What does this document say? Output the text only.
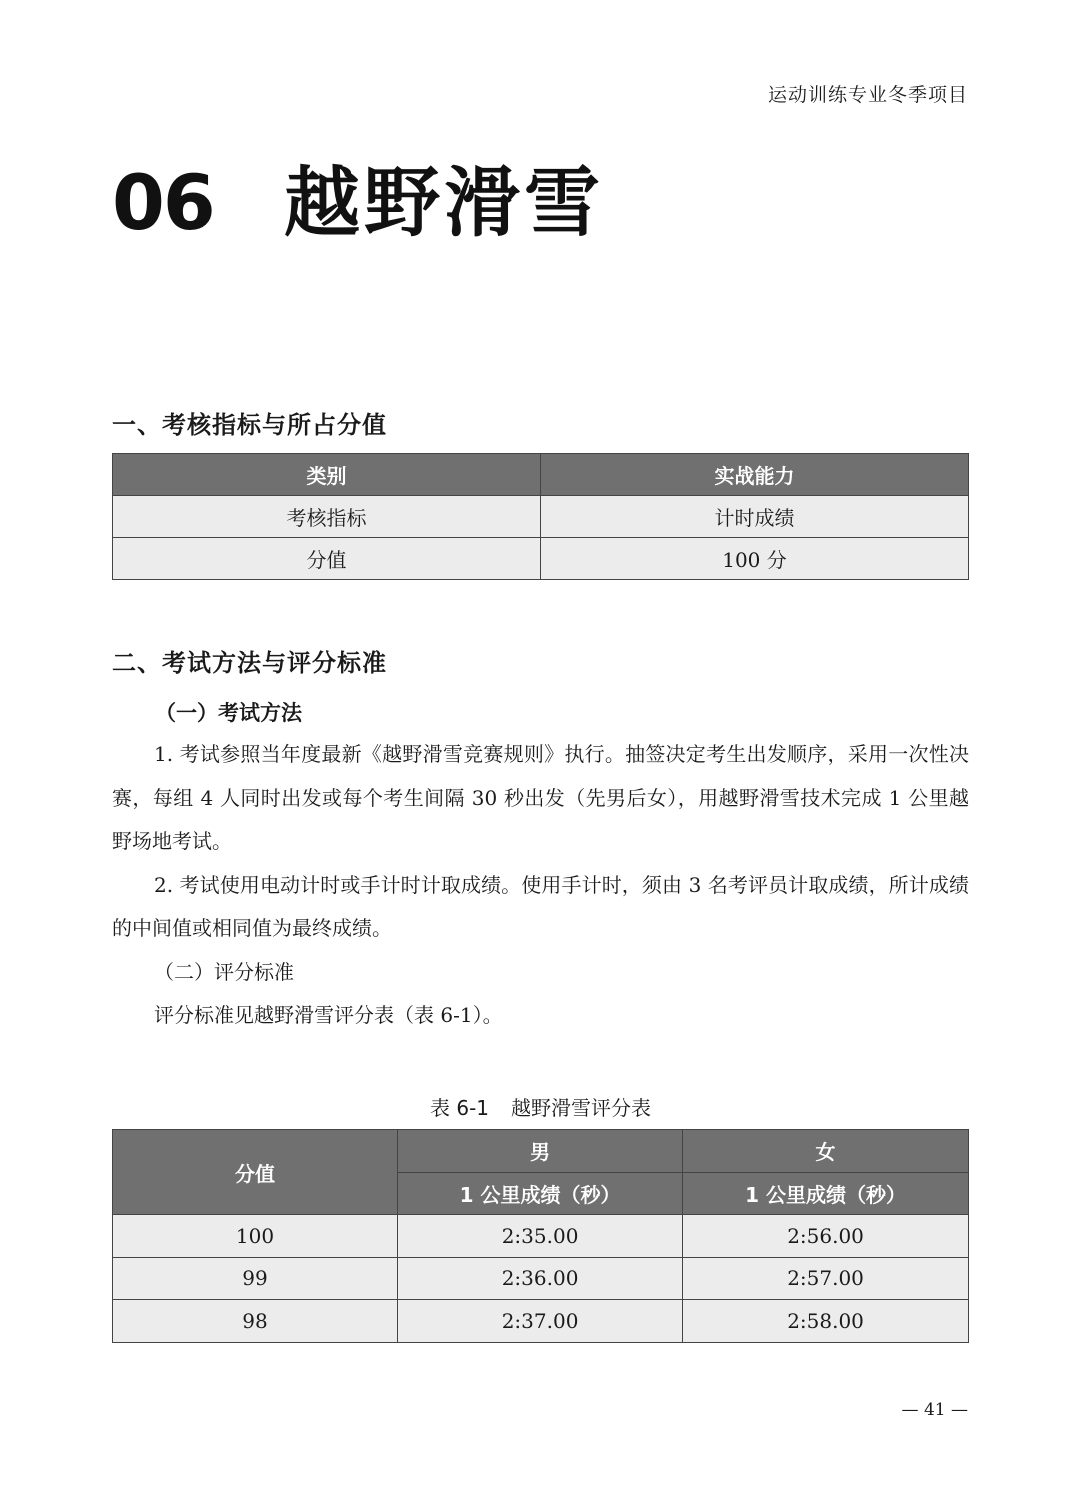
运动训练专业冬季项目
06 越野滑雪
一、考核指标与所占分值
类别	实战能力
考核指标	计时成绩
分值	100 分
二、考试方法与评分标准
（一）考试方法

1. 考试参照当年度最新《越野滑雪竞赛规则》执行。抽签决定考生出发顺序，采用一次性决赛，每组 4 人同时出发或每个考生间隔 30 秒出发（先男后女），用越野滑雪技术完成 1 公里越野场地考试。

2. 考试使用电动计时或手计时计取成绩。使用手计时，须由 3 名考评员计取成绩，所计成绩的中间值或相同值为最终成绩。

（二）评分标准

评分标准见越野滑雪评分表（表 6-1）。

表 6-1 越野滑雪评分表
分值	男	女
	1 公里成绩（秒）	1 公里成绩（秒）
100	2:35.00	2:56.00
99	2:36.00	2:57.00
98	2:37.00	2:58.00
— 41 —
